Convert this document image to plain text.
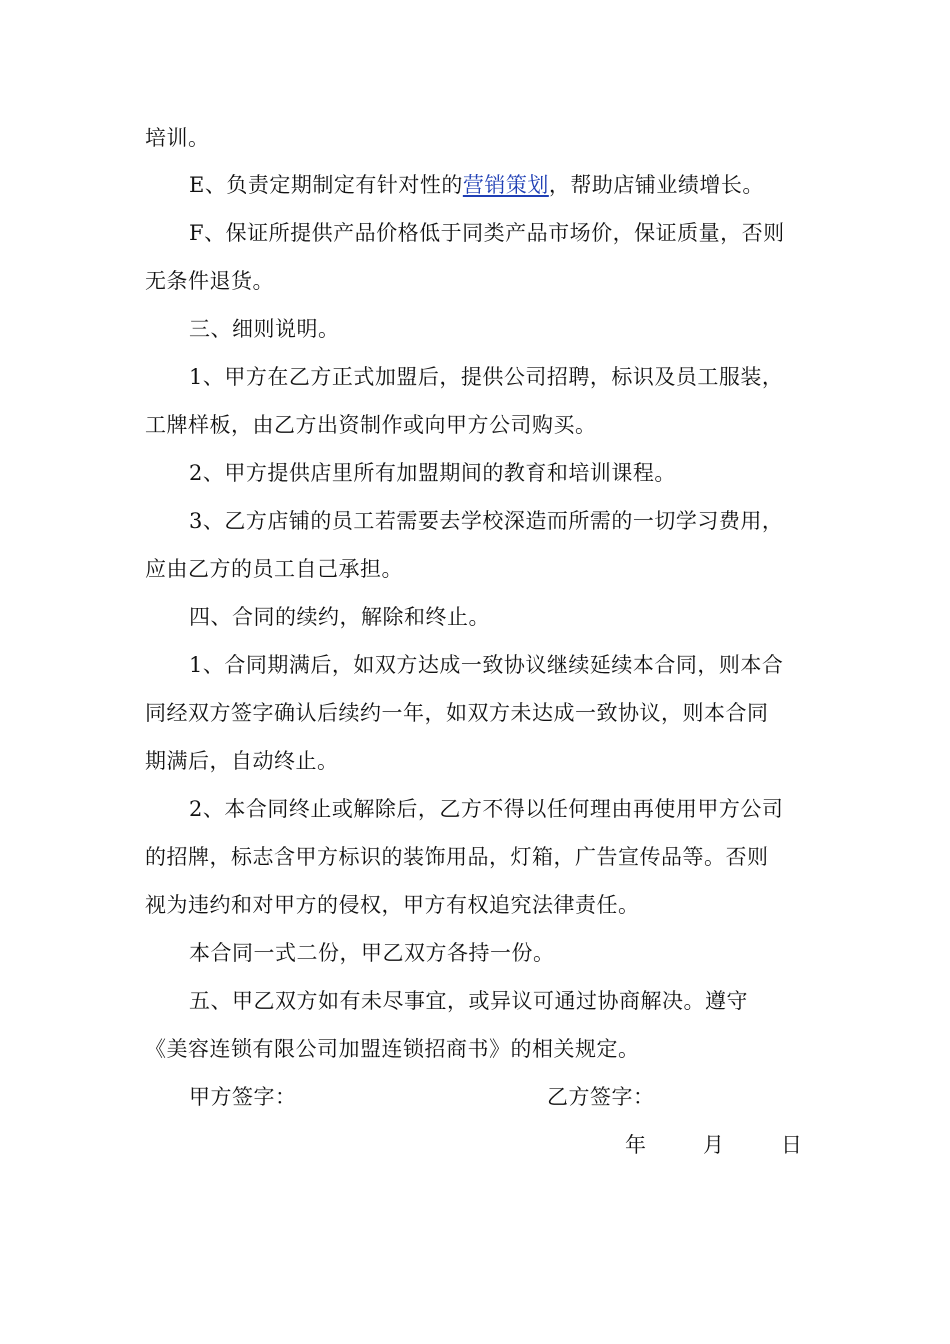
培训。
E、负责定期制定有针对性的营销策划，帮助店铺业绩增长。
F、保证所提供产品价格低于同类产品市场价，保证质量，否则
无条件退货。
三、细则说明。
1、甲方在乙方正式加盟后，提供公司招聘，标识及员工服装，
工牌样板，由乙方出资制作或向甲方公司购买。
2、甲方提供店里所有加盟期间的教育和培训课程。
3、乙方店铺的员工若需要去学校深造而所需的一切学习费用，
应由乙方的员工自己承担。
四、合同的续约，解除和终止。
1、合同期满后，如双方达成一致协议继续延续本合同，则本合
同经双方签字确认后续约一年，如双方未达成一致协议，则本合同
期满后，自动终止。
2、本合同终止或解除后，乙方不得以任何理由再使用甲方公司
的招牌，标志含甲方标识的装饰用品，灯箱，广告宣传品等。否则
视为违约和对甲方的侵权，甲方有权追究法律责任。
本合同一式二份，甲乙双方各持一份。
五、甲乙双方如有未尽事宜，或异议可通过协商解决。遵守
《美容连锁有限公司加盟连锁招商书》的相关规定。
甲方签字：	乙方签字：
年	月	日
